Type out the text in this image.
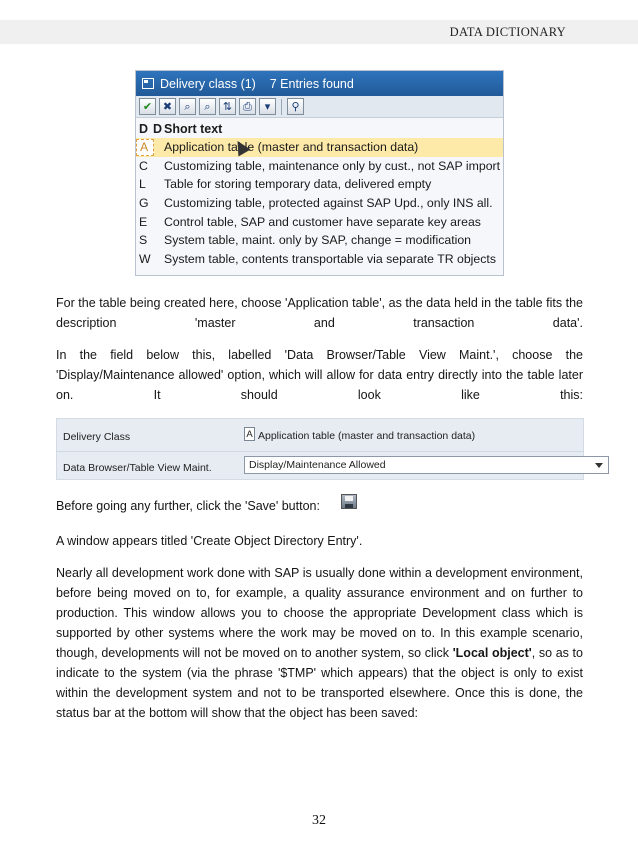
DATA DICTIONARY
Delivery class (1)    7 Entries found
✔ ✖	⌕	⌕	⇅ ⎙	▾	⚲
D D Short text
A	Application table (master and transaction data)
C	Customizing table, maintenance only by cust., not SAP import
L	Table for storing temporary data, delivered empty
G	Customizing table, protected against SAP Upd., only INS all.
E	Control table, SAP and customer have separate key areas
S	System table, maint. only by SAP, change = modification
W	System table, contents transportable via separate TR objects

For the table being created here, choose 'Application table', as the data held in the table fits the description 'master and transaction data'.

In the field below this, labelled 'Data Browser/Table View Maint.', choose the 'Display/Maintenance allowed' option, which will allow for data entry directly into the table later on. It should look like this:

Delivery Class	A Application table (master and transaction data)
Data Browser/Table View Maint.	Display/Maintenance Allowed

Before going any further, click the 'Save' button:

A window appears titled 'Create Object Directory Entry'.

Nearly all development work done with SAP is usually done within a development environment, before being moved on to, for example, a quality assurance environment and on further to production. This window allows you to choose the appropriate Development class which is supported by other systems where the work may be moved on to. In this example scenario, though, developments will not be moved on to another system, so click 'Local object', so as to indicate to the system (via the phrase '$TMP' which appears) that the object is only to exist within the development system and not to be transported elsewhere. Once this is done, the status bar at the bottom will show that the object has been saved:

32
